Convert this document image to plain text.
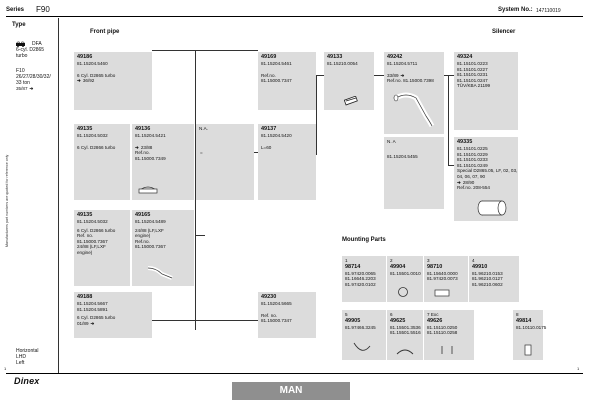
Series F90	System No.: 147110019
Type
⚙⚙ DFA
6-cyl. D2865
turbo
F10
26/27/28/30/32/
33 ton
35/87 ➔
Horizontal
LHD
Left
Manufacturers part numbers are quoted for reference only
1
Front pipe	Silencer
Mounting Parts
49186
81.15204.5460
6 Cyl. D2865 turbo
➔ 36/92
49169
81.15204.5461
Ref.no.
81.15000.7347
49133
81.15210.0054
49242
81.15204.5711
33/89 ➔
Ref.no. 81.15000.7398
49324
81.15101.0223
81.15101.0227
81.15101.0231
81.15101.0247
TÜV/KBA 21199
49135
81.15204.5032
6 Cyl. D2866 turbo
49136
81.15204.5421
➔ 23/88
Ref.no.
81.15000.7349
N.A.
=
49137
81.15204.5420
L=60
N. A
81.15204.5455
49335
81.15101.0225
81.15101.0229
81.15101.0233
81.15101.0249
Special D2865.05, LF, 02, 03,
04, 06, 07, 90
➔ 28/90
Ref.no. 208-554
49135
81.15204.5032
6 Cyl. D2866 turbo
Ref. no.
81.15000.7367
24/88 (LF,LXF
engine)
49165
81.15204.5489
24/88 (LF,LXF
engine)
Ref.no.
81.15000.7367
49188
81.15204.5667
81.15204.5891
6 Cyl. D2865 turbo
01/89 ➔
49230
81.15204.5665
Ref. no.
81.15000.7347
1
98714
81.97420.0065
81.16646.2203
81.97420.0102
2
49904
81.15501.0010
3
98710
81.15640.0000
81.97420.0073
4
49910
81.96210.0153
81.96210.0127
81.96210.0602
5
49905
81.97466.3245
6
49625
81.15501.3536
81.15501.5516
7 Exc
49626
81.15110.0250
81.15110.0258
8
49814
81.10110.0175
Dinex
MAN
1
